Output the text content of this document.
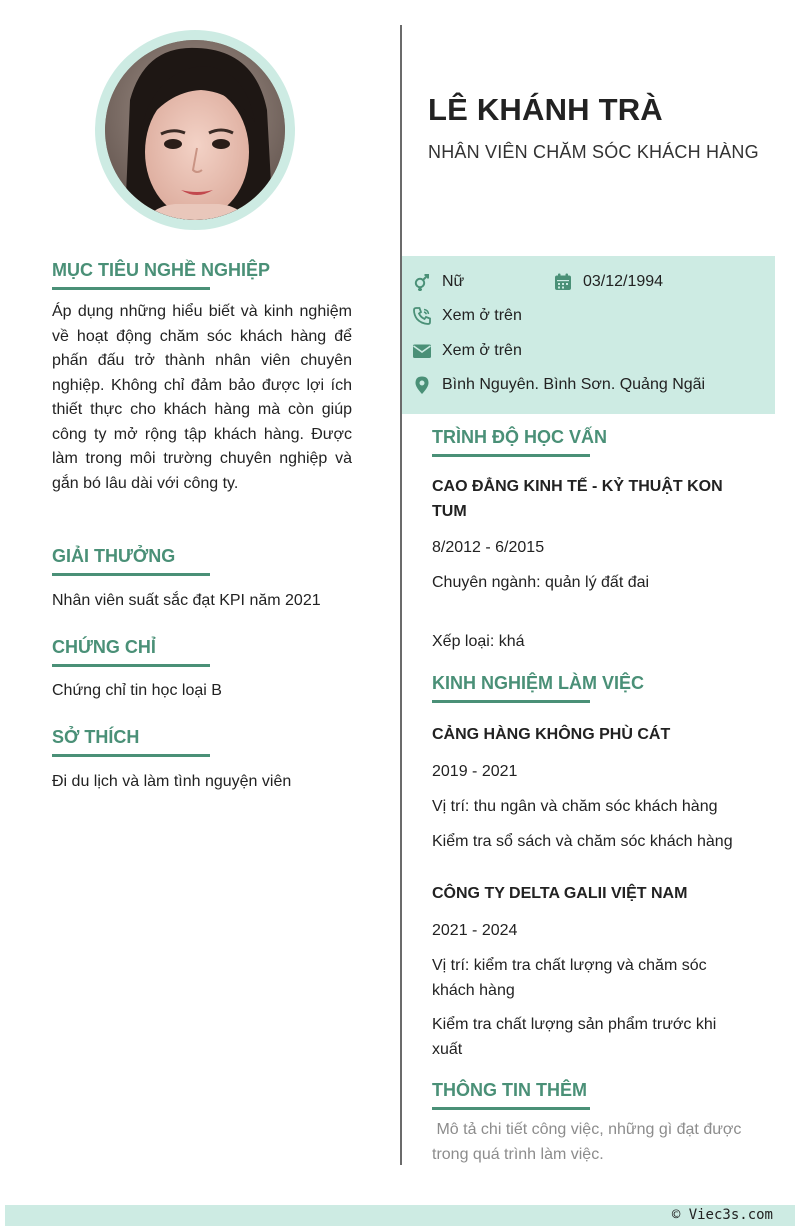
LÊ KHÁNH TRÀ
NHÂN VIÊN CHĂM SÓC KHÁCH HÀNG
Nữ	03/12/1994
Xem ở trên
Xem ở trên
Bình Nguyên. Bình Sơn. Quảng Ngãi
MỤC TIÊU NGHỀ NGHIỆP
Áp dụng những hiểu biết và kinh nghiệm về hoạt động chăm sóc khách hàng để phấn đấu trở thành nhân viên chuyên nghiệp. Không chỉ đảm bảo được lợi ích thiết thực cho khách hàng mà còn giúp công ty mở rộng tập khách hàng. Được làm trong môi trường chuyên nghiệp và gắn bó lâu dài với công ty.
GIẢI THƯỞNG
Nhân viên suất sắc đạt KPI năm 2021
CHỨNG CHỈ
Chứng chỉ tin học loại B
SỞ THÍCH
Đi du lịch và làm tình nguyện viên
TRÌNH ĐỘ HỌC VẤN
CAO ĐẲNG KINH TẾ - KỶ THUẬT KON TUM
8/2012 - 6/2015
Chuyên ngành: quản lý đất đai
Xếp loại: khá
KINH NGHIỆM LÀM VIỆC
CẢNG HÀNG KHÔNG PHÙ CÁT
2019 - 2021
Vị trí: thu ngân và chăm sóc khách hàng
Kiểm tra sổ sách và chăm sóc khách hàng
CÔNG TY DELTA GALII VIỆT NAM
2021 - 2024
Vị trí: kiểm tra chất lượng và chăm sóc khách hàng
Kiểm tra chất lượng sản phẩm trước khi xuất
THÔNG TIN THÊM
Mô tả chi tiết công việc, những gì đạt được trong quá trình làm việc.
© Viec3s.com
